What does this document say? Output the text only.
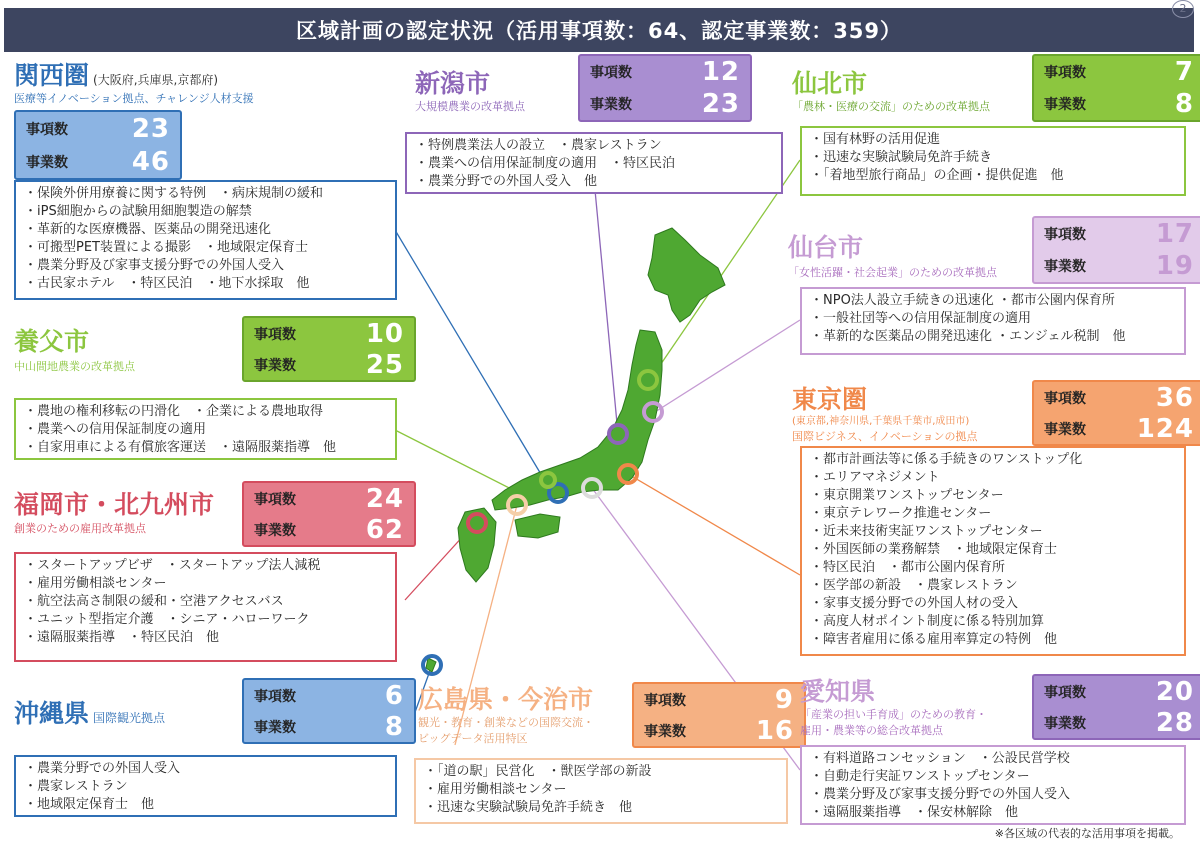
区域計画の認定状況（活用事項数：64、認定事業数：359）
2
関西圏 (大阪府,兵庫県,京都府)
医療等イノベーション拠点、チャレンジ人材支援
事項数 23
事業数 46
・保険外併用療養に関する特例　・病床規制の緩和
・iPS細胞からの試験用細胞製造の解禁
・革新的な医療機器、医薬品の開発迅速化
・可搬型PET装置による撮影　・地域限定保育士
・農業分野及び家事支援分野での外国人受入
・古民家ホテル　・特区民泊　・地下水採取　他
養父市
中山間地農業の改革拠点
事項数	10
事業数	25
・農地の権利移転の円滑化　・企業による農地取得
・農業への信用保証制度の適用
・自家用車による有償旅客運送　・遠隔服薬指導　他
福岡市・北九州市
創業のための雇用改革拠点
事項数	24
事業数	62
・スタートアップビザ　・スタートアップ法人減税
・雇用労働相談センター
・航空法高さ制限の緩和・空港アクセスバス
・ユニット型指定介護　・シニア・ハローワーク
・遠隔服薬指導　・特区民泊　他
沖縄県 国際観光拠点
事項数	6
事業数	8
・農業分野での外国人受入
・農家レストラン
・地域限定保育士　他
新潟市
大規模農業の改革拠点
事項数	12
事業数	23
・特例農業法人の設立　・農家レストラン
・農業への信用保証制度の適用　・特区民泊
・農業分野での外国人受入　他
広島県・今治市
観光・教育・創業などの国際交流・
ビッグデータ活用特区
事項数	9
事業数	16
・「道の駅」民営化　・獣医学部の新設
・雇用労働相談センター
・迅速な実験試験局免許手続き　他
仙北市
「農林・医療の交流」のための改革拠点
事項数	7
事業数	8
・国有林野の活用促進
・迅速な実験試験局免許手続き
・「着地型旅行商品」の企画・提供促進　他
仙台市
「女性活躍・社会起業」のための改革拠点
事項数	17
事業数	19
・NPO法人設立手続きの迅速化 ・都市公園内保育所
・一般社団等への信用保証制度の適用
・革新的な医薬品の開発迅速化 ・エンジェル税制　他
東京圏
(東京都,神奈川県,千葉県千葉市,成田市)
国際ビジネス、イノベーションの拠点
事項数	36
事業数 124
・都市計画法等に係る手続きのワンストップ化
・エリアマネジメント
・東京開業ワンストップセンター
・東京テレワーク推進センター
・近未来技術実証ワンストップセンター
・外国医師の業務解禁　・地域限定保育士
・特区民泊　・都市公園内保育所
・医学部の新設　・農家レストラン
・家事支援分野での外国人材の受入
・高度人材ポイント制度に係る特別加算
・障害者雇用に係る雇用率算定の特例　他
愛知県
「産業の担い手育成」のための教育・
雇用・農業等の総合改革拠点
事項数	20
事業数	28
・有料道路コンセッション　・公設民営学校
・自動走行実証ワンストップセンター
・農業分野及び家事支援分野での外国人受入
・遠隔服薬指導　・保安林解除　他
※各区域の代表的な活用事項を掲載。
